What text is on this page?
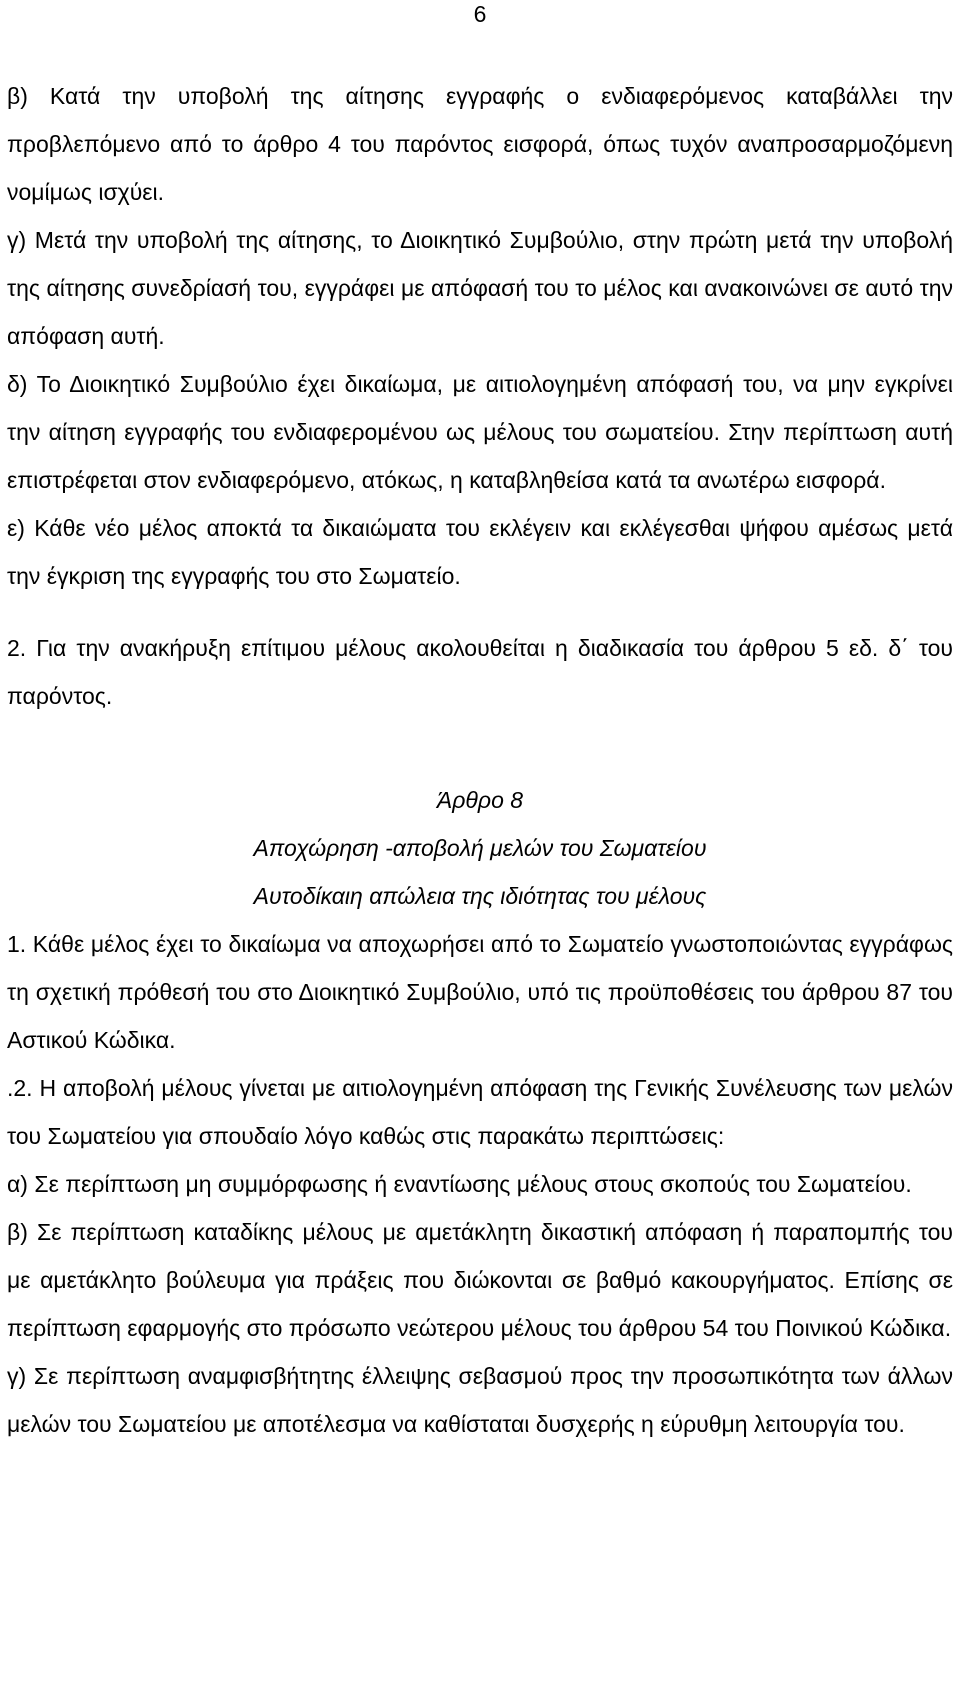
6

β) Κατά την υποβολή της αίτησης εγγραφής ο ενδιαφερόμενος καταβάλλει την προβλεπόμενο από το άρθρο 4 του παρόντος εισφορά, όπως τυχόν αναπροσαρμοζόμενη νομίμως ισχύει.

γ) Μετά την υποβολή της αίτησης, το Διοικητικό Συμβούλιο, στην πρώτη μετά την υποβολή της αίτησης συνεδρίασή του, εγγράφει με απόφασή του το μέλος και ανακοινώνει σε αυτό την απόφαση αυτή.

δ) Το Διοικητικό Συμβούλιο έχει δικαίωμα, με αιτιολογημένη απόφασή του, να μην εγκρίνει την αίτηση εγγραφής του ενδιαφερομένου ως μέλους του σωματείου. Στην περίπτωση αυτή επιστρέφεται στον ενδιαφερόμενο, ατόκως, η καταβληθείσα κατά τα ανωτέρω εισφορά.

ε) Κάθε νέο μέλος αποκτά τα δικαιώματα του εκλέγειν και εκλέγεσθαι ψήφου αμέσως μετά την έγκριση της εγγραφής του στο Σωματείο.

2. Για την ανακήρυξη επίτιμου μέλους ακολουθείται η διαδικασία του άρθρου 5 εδ. δ΄ του παρόντος.

Άρθρο 8

Αποχώρηση -αποβολή μελών του Σωματείου

Αυτοδίκαιη απώλεια της ιδιότητας του μέλους

1. Κάθε μέλος έχει το δικαίωμα να αποχωρήσει από το Σωματείο γνωστοποιώντας εγγράφως τη σχετική πρόθεσή του στο Διοικητικό Συμβούλιο, υπό τις προϋποθέσεις του άρθρου 87 του Αστικού Κώδικα.

.2. Η αποβολή μέλους γίνεται με αιτιολογημένη απόφαση της Γενικής Συνέλευσης των μελών του Σωματείου για σπουδαίο λόγο καθώς στις παρακάτω περιπτώσεις:

α) Σε περίπτωση μη συμμόρφωσης ή εναντίωσης μέλους στους σκοπούς του Σωματείου.

β) Σε περίπτωση καταδίκης μέλους με αμετάκλητη δικαστική απόφαση ή παραπομπής του με αμετάκλητο βούλευμα για πράξεις που διώκονται σε βαθμό κακουργήματος. Επίσης σε περίπτωση εφαρμογής στο πρόσωπο νεώτερου μέλους του άρθρου 54 του Ποινικού Κώδικα.

γ) Σε περίπτωση αναμφισβήτητης έλλειψης σεβασμού προς την προσωπικότητα των άλλων μελών του Σωματείου με αποτέλεσμα να καθίσταται δυσχερής η εύρυθμη λειτουργία του.
